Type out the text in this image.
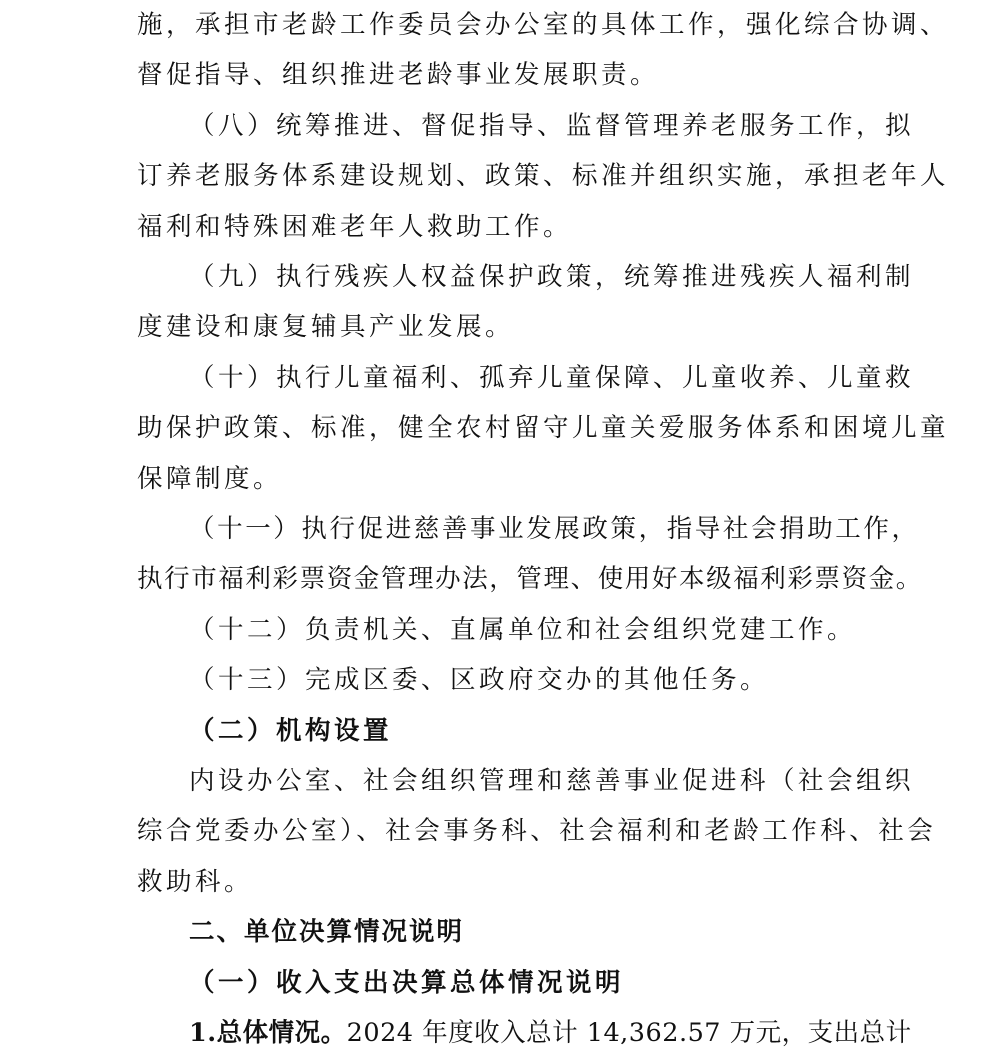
施，承担市老龄工作委员会办公室的具体工作，强化综合协调、
督促指导、组织推进老龄事业发展职责。
（八）统筹推进、督促指导、监督管理养老服务工作，拟
订养老服务体系建设规划、政策、标准并组织实施，承担老年人
福利和特殊困难老年人救助工作。
（九）执行残疾人权益保护政策，统筹推进残疾人福利制
度建设和康复辅具产业发展。
（十）执行儿童福利、孤弃儿童保障、儿童收养、儿童救
助保护政策、标准，健全农村留守儿童关爱服务体系和困境儿童
保障制度。
（十一）执行促进慈善事业发展政策，指导社会捐助工作，
执行市福利彩票资金管理办法，管理、使用好本级福利彩票资金。
（十二）负责机关、直属单位和社会组织党建工作。
（十三）完成区委、区政府交办的其他任务。
（二）机构设置
内设办公室、社会组织管理和慈善事业促进科（社会组织
综合党委办公室）、社会事务科、社会福利和老龄工作科、社会
救助科。
二、单位决算情况说明
（一）收入支出决算总体情况说明
1.总体情况。2024 年度收入总计 14,362.57 万元，支出总计
